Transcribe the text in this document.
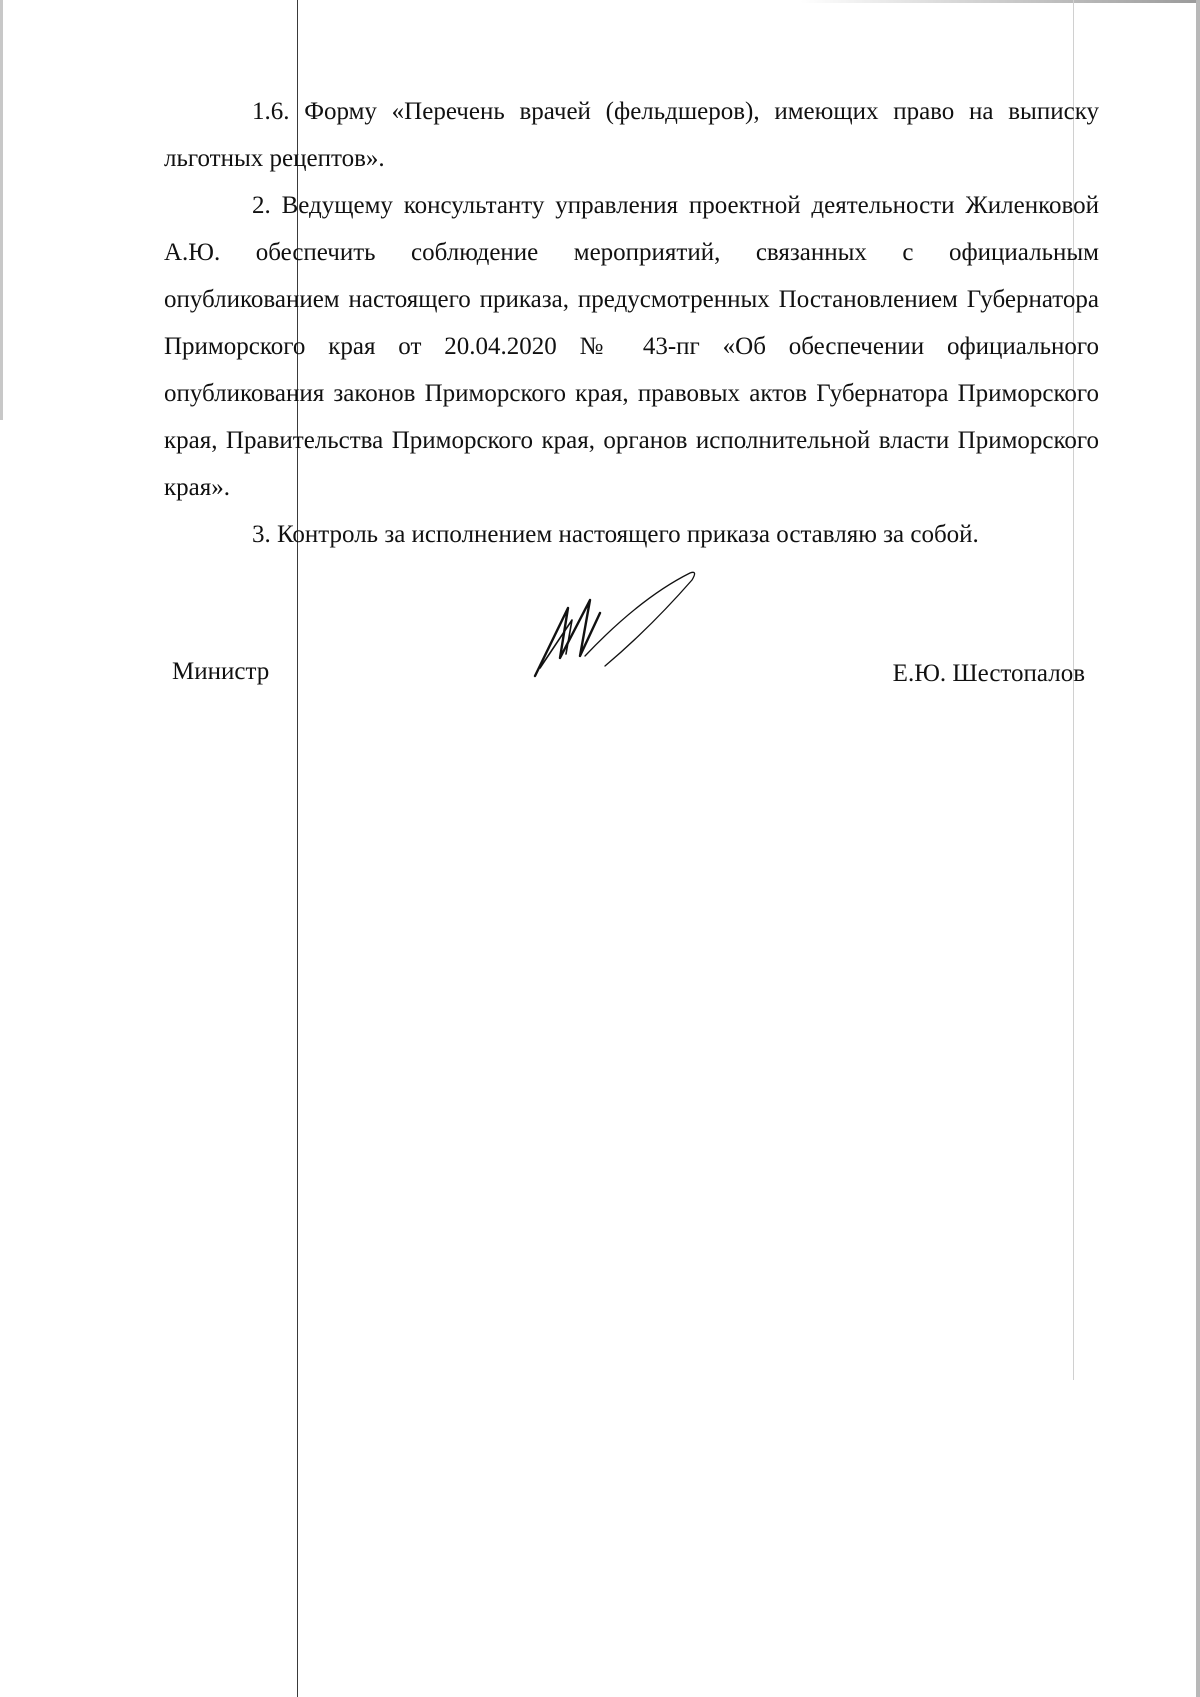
1.6. Форму «Перечень врачей (фельдшеров), имеющих право на выписку льготных рецептов».

2. Ведущему консультанту управления проектной деятельности Жиленковой А.Ю. обеспечить соблюдение мероприятий, связанных с официальным опубликованием настоящего приказа, предусмотренных Постановлением Губернатора Приморского края от 20.04.2020 № 43-пг «Об обеспечении официального опубликования законов Приморского края, правовых актов Губернатора Приморского края, Правительства Приморского края, органов исполнительной власти Приморского края».

3. Контроль за исполнением настоящего приказа оставляю за собой.

Министр	Е.Ю. Шестопалов
